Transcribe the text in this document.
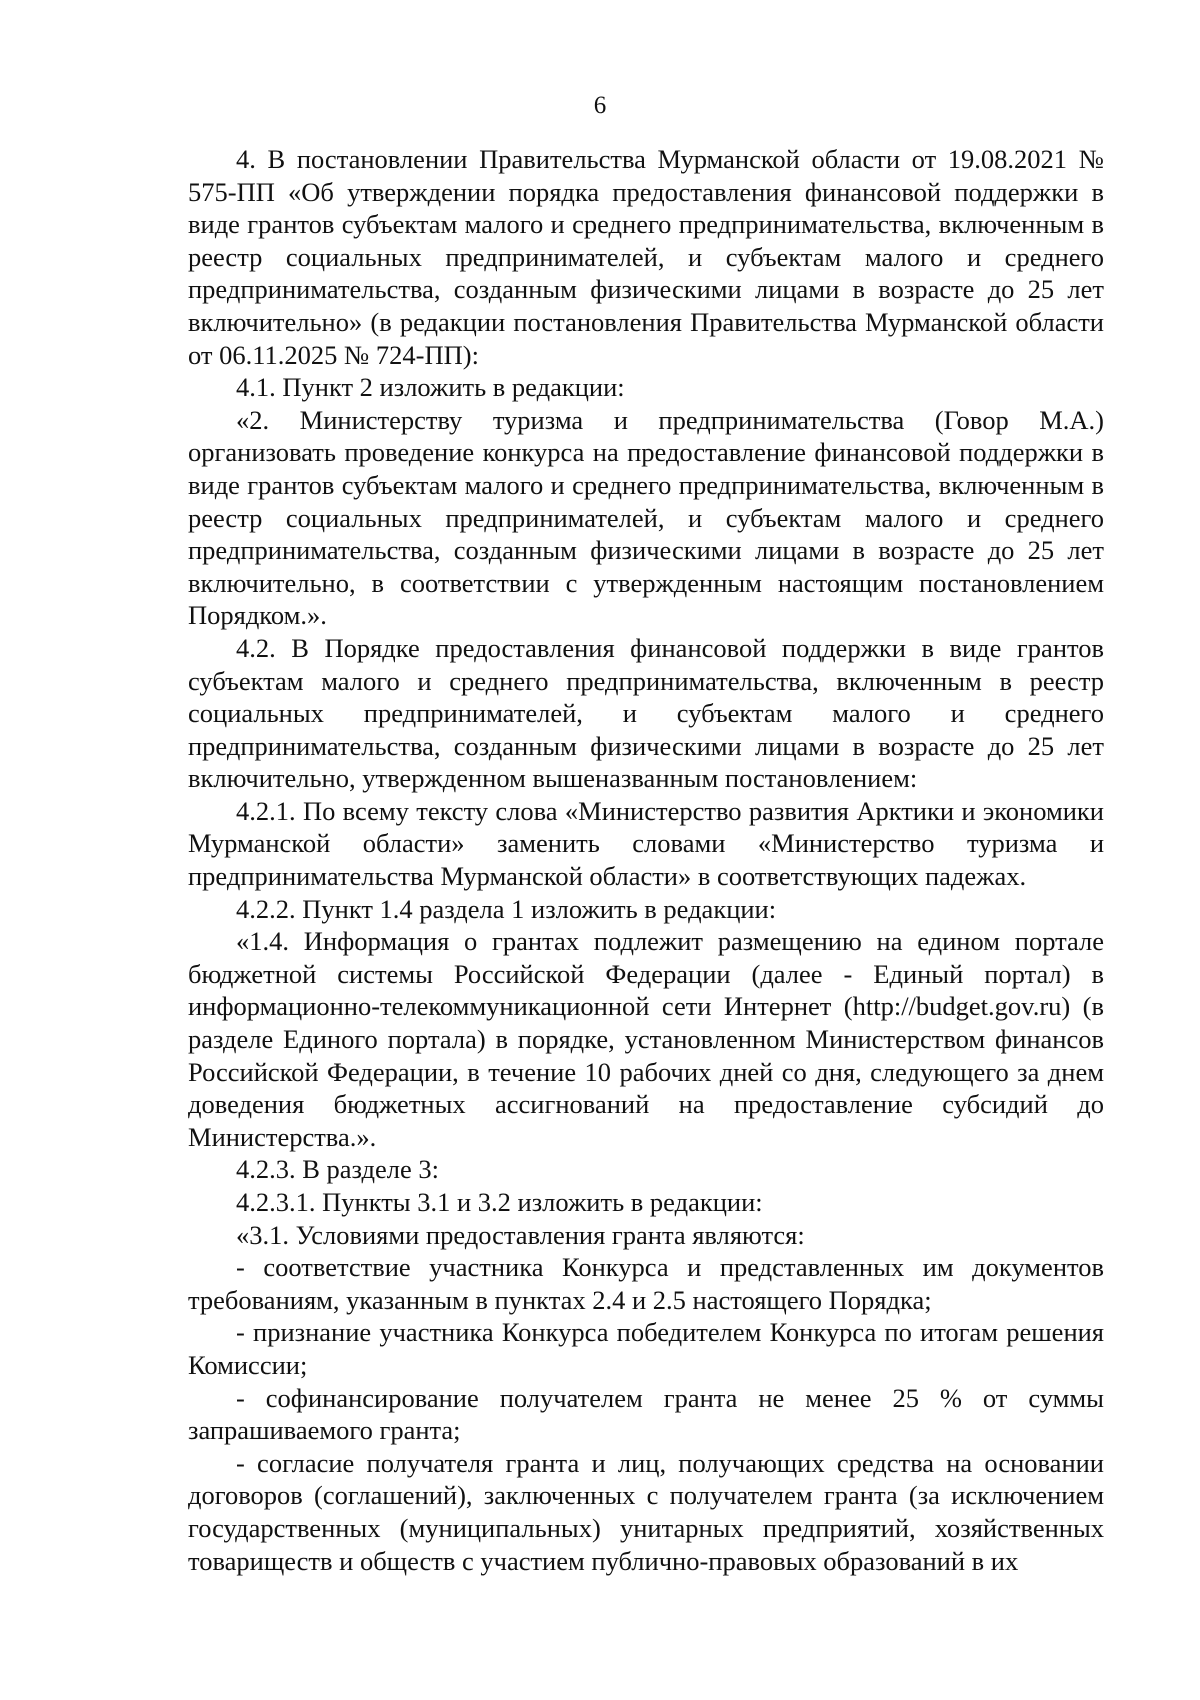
6

4. В постановлении Правительства Мурманской области от 19.08.2021 № 575-ПП «Об утверждении порядка предоставления финансовой поддержки в виде грантов субъектам малого и среднего предпринимательства, включенным в реестр социальных предпринимателей, и субъектам малого и среднего предпринимательства, созданным физическими лицами в возрасте до 25 лет включительно» (в редакции постановления Правительства Мурманской области от 06.11.2025 № 724-ПП):

4.1. Пункт 2 изложить в редакции:

«2. Министерству туризма и предпринимательства (Говор М.А.) организовать проведение конкурса на предоставление финансовой поддержки в виде грантов субъектам малого и среднего предпринимательства, включенным в реестр социальных предпринимателей, и субъектам малого и среднего предпринимательства, созданным физическими лицами в возрасте до 25 лет включительно, в соответствии с утвержденным настоящим постановлением Порядком.».

4.2. В Порядке предоставления финансовой поддержки в виде грантов субъектам малого и среднего предпринимательства, включенным в реестр социальных предпринимателей, и субъектам малого и среднего предпринимательства, созданным физическими лицами в возрасте до 25 лет включительно, утвержденном вышеназванным постановлением:

4.2.1. По всему тексту слова «Министерство развития Арктики и экономики Мурманской области» заменить словами «Министерство туризма и предпринимательства Мурманской области» в соответствующих падежах.

4.2.2. Пункт 1.4 раздела 1 изложить в редакции:

«1.4. Информация о грантах подлежит размещению на едином портале бюджетной системы Российской Федерации (далее - Единый портал) в информационно-телекоммуникационной сети Интернет (http://budget.gov.ru) (в разделе Единого портала) в порядке, установленном Министерством финансов Российской Федерации, в течение 10 рабочих дней со дня, следующего за днем доведения бюджетных ассигнований на предоставление субсидий до Министерства.».

4.2.3. В разделе 3:

4.2.3.1. Пункты 3.1 и 3.2 изложить в редакции:

«3.1. Условиями предоставления гранта являются:

- соответствие участника Конкурса и представленных им документов требованиям, указанным в пунктах 2.4 и 2.5 настоящего Порядка;

- признание участника Конкурса победителем Конкурса по итогам решения Комиссии;

- софинансирование получателем гранта не менее 25 % от суммы запрашиваемого гранта;

- согласие получателя гранта и лиц, получающих средства на основании договоров (соглашений), заключенных с получателем гранта (за исключением государственных (муниципальных) унитарных предприятий, хозяйственных товариществ и обществ с участием публично-правовых образований в их
